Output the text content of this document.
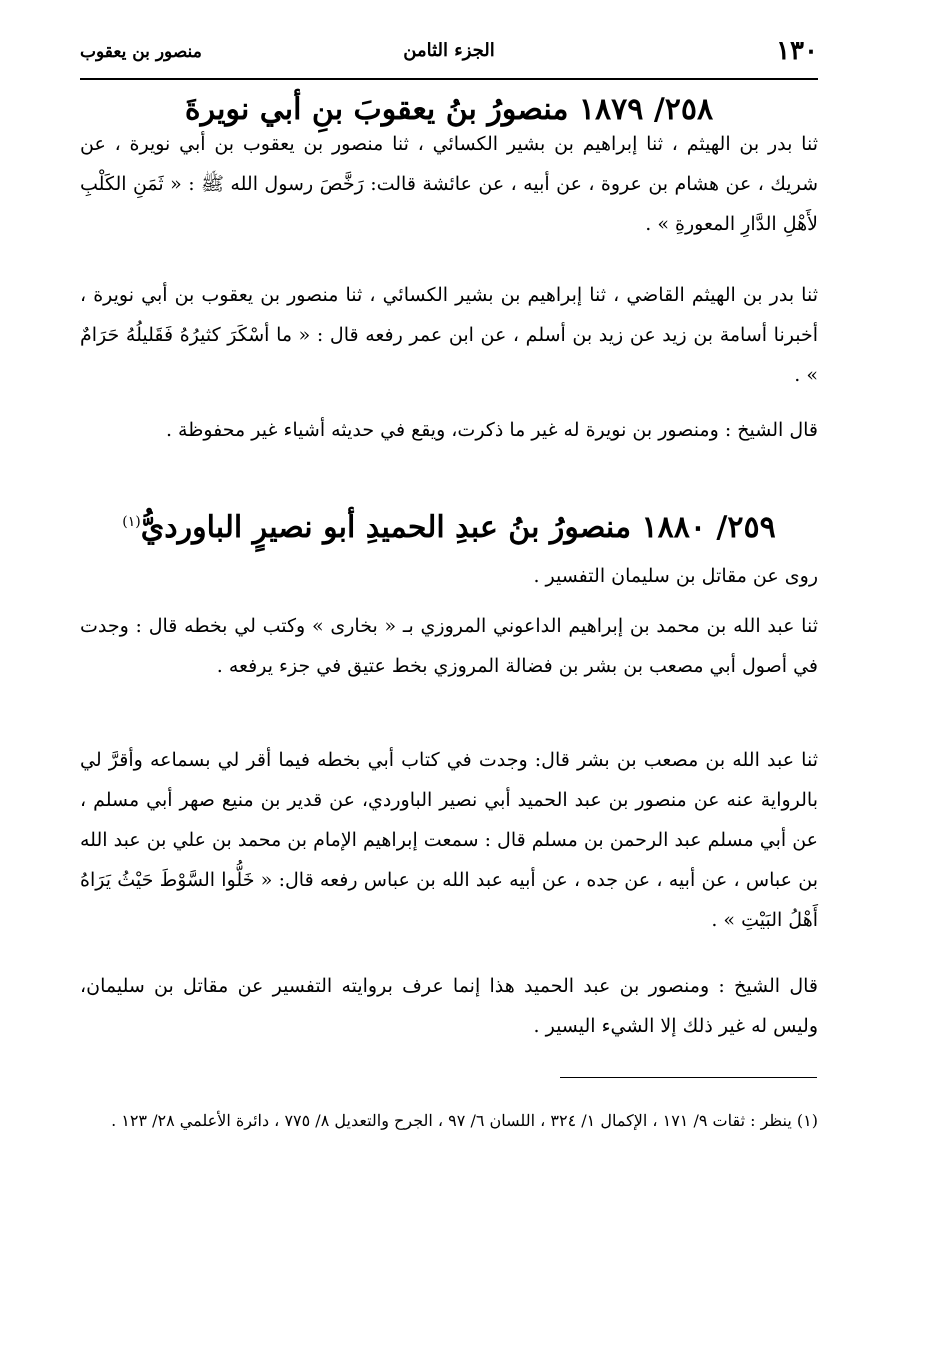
١٣٠
الجزء الثامن
منصور بن يعقوب
٢٥٨/ ١٨٧٩ منصورُ بنُ يعقوبَ بنِ أبي نويرةَ

ثنا بدر بن الهيثم ، ثنا إبراهيم بن بشير الكسائي ، ثنا منصور بن يعقوب بن أبي نويرة ، عن شريك ، عن هشام بن عروة ، عن أبيه ، عن عائشة قالت: رَخَّصَ رسول الله ﷺ : « ثَمَنِ الكَلْبِ لأَهْلِ الدَّارِ المعورةِ » .

ثنا بدر بن الهيثم القاضي ، ثنا إبراهيم بن بشير الكسائي ، ثنا منصور بن يعقوب بن أبي نويرة ، أخبرنا أسامة بن زيد عن زيد بن أسلم ، عن ابن عمر رفعه قال : « ما أسْكَرَ كثيرُهُ فَقَليلُهُ حَرَامٌ » .

قال الشيخ : ومنصور بن نويرة له غير ما ذكرت، ويقع في حديثه أشياء غير محفوظة .

٢٥٩/ ١٨٨٠ منصورُ بنُ عبدِ الحميدِ أبو نصيرٍ الباورديُّ$^{(١)}$

روى عن مقاتل بن سليمان التفسير .

ثنا عبد الله بن محمد بن إبراهيم الداعوني المروزي بـ « بخارى » وكتب لي بخطه قال : وجدت في أصول أبي مصعب بن بشر بن فضالة المروزي بخط عتيق في جزء يرفعه .

ثنا عبد الله بن مصعب بن بشر قال: وجدت في كتاب أبي بخطه فيما أقر لي بسماعه وأقرَّ لي بالرواية عنه عن منصور بن عبد الحميد أبي نصير الباوردي، عن قدير بن منيع صهر أبي مسلم ، عن أبي مسلم عبد الرحمن بن مسلم قال : سمعت إبراهيم الإمام بن محمد بن علي بن عبد الله بن عباس ، عن أبيه ، عن جده ، عن أبيه عبد الله بن عباس رفعه قال: « خَلُّوا السَّوْطَ حَيْثُ يَرَاهُ أَهْلُ البَيْتِ » .

قال الشيخ : ومنصور بن عبد الحميد هذا إنما عرف بروايته التفسير عن مقاتل بن سليمان، وليس له غير ذلك إلا الشيء اليسير .

(١) ينظر : ثقات ٩/ ١٧١ ، الإكمال ١/ ٣٢٤ ، اللسان ٦/ ٩٧ ، الجرح والتعديل ٨/ ٧٧٥ ، دائرة الأعلمي ٢٨/ ١٢٣ .
